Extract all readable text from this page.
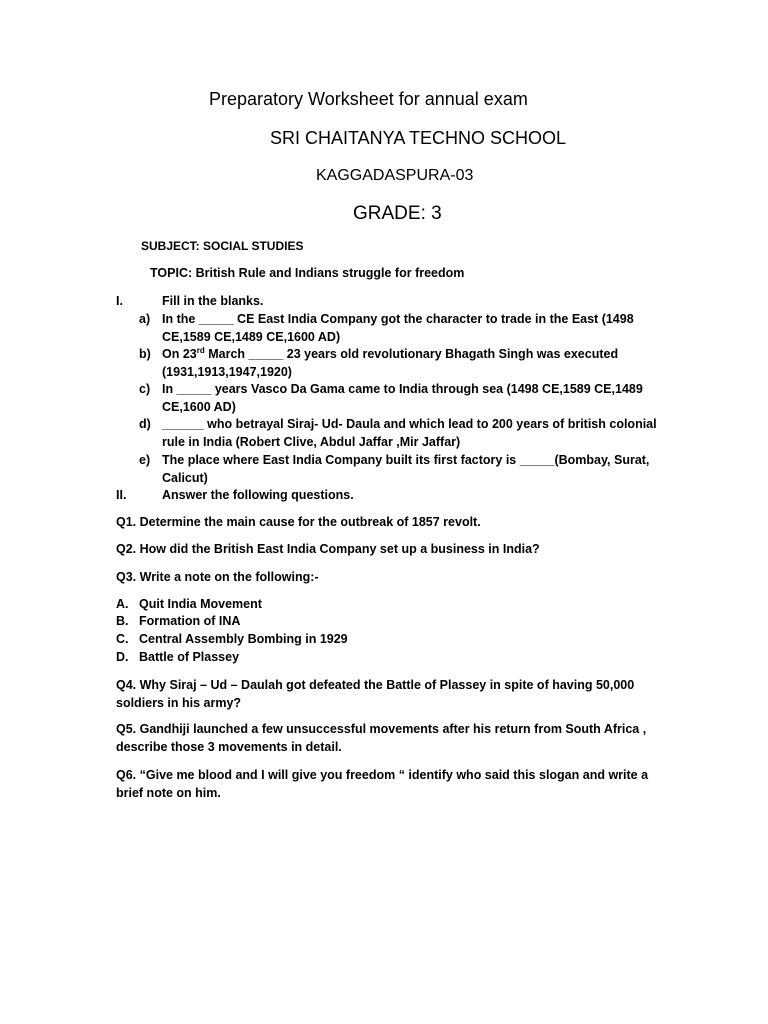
Preparatory Worksheet for annual exam
SRI CHAITANYA TECHNO SCHOOL
KAGGADASPURA-03
GRADE: 3
SUBJECT: SOCIAL STUDIES
TOPIC: British Rule and Indians struggle for freedom
I.	Fill in the blanks.
a) In the _____ CE East India Company got the character to trade in the East (1498 CE,1589 CE,1489 CE,1600 AD)
b) On 23rd March _____ 23 years old revolutionary Bhagath Singh was executed (1931,1913,1947,1920)
c) In _____ years Vasco Da Gama came to India through sea (1498 CE,1589 CE,1489 CE,1600 AD)
d) ______ who betrayal Siraj- Ud- Daula and which lead to 200 years of british colonial rule in India (Robert Clive, Abdul Jaffar ,Mir Jaffar)
e) The place where East India Company built its first factory is _____(Bombay, Surat, Calicut)
II.	Answer the following questions.
Q1. Determine the main cause for the outbreak of 1857 revolt.
Q2. How did the British East India Company set up a business in India?
Q3. Write a note on the following:-
A. Quit India Movement
B. Formation of INA
C. Central Assembly Bombing in 1929
D. Battle of Plassey
Q4. Why Siraj – Ud – Daulah got defeated the Battle of Plassey in spite of having 50,000 soldiers in his army?
Q5. Gandhiji launched a few unsuccessful movements after his return from South Africa , describe those 3 movements in detail.
Q6. “Give me blood and I will give you freedom “ identify who said this slogan and write a brief note on him.
